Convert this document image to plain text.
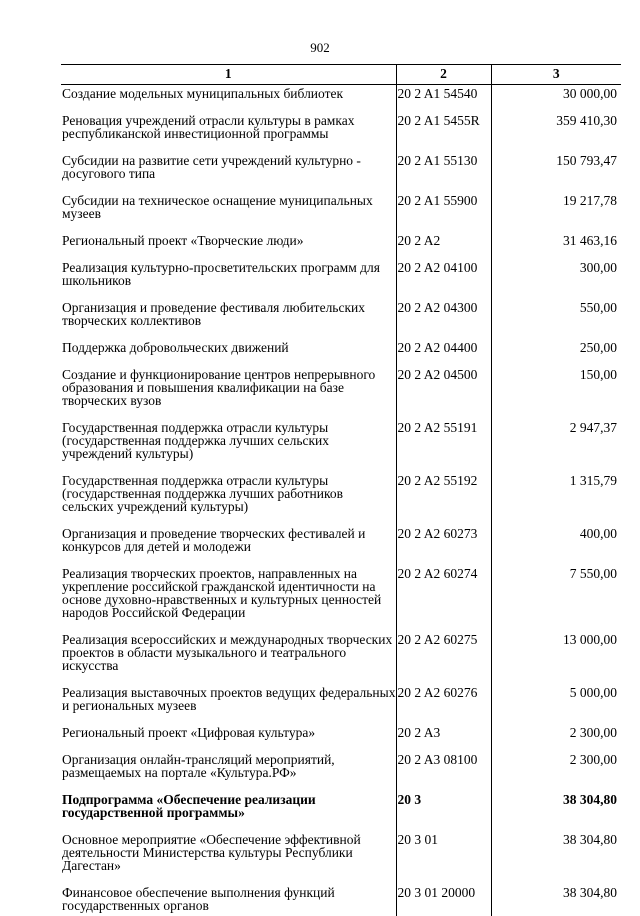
902
1	2	3
Создание модельных муниципальных библиотек	20 2 A1 54540	30 000,00
Реновация учреждений отрасли культуры в рамках республиканской инвестиционной программы	20 2 A1 5455R	359 410,30
Субсидии на развитие сети учреждений культурно - досугового типа	20 2 A1 55130	150 793,47
Субсидии на техническое оснащение муниципальных музеев	20 2 A1 55900	19 217,78
Региональный проект «Творческие люди»	20 2 A2	31 463,16
Реализация культурно-просветительских программ для школьников	20 2 A2 04100	300,00
Организация и проведение фестиваля любительских творческих коллективов	20 2 A2 04300	550,00
Поддержка добровольческих движений	20 2 A2 04400	250,00
Создание и функционирование центров непрерывного образования и повышения квалификации на базе творческих вузов	20 2 A2 04500	150,00
Государственная поддержка отрасли культуры (государственная поддержка лучших сельских учреждений культуры)	20 2 A2 55191	2 947,37
Государственная поддержка отрасли культуры (государственная поддержка лучших работников сельских учреждений культуры)	20 2 A2 55192	1 315,79
Организация и проведение творческих фестивалей и конкурсов для детей и молодежи	20 2 A2 60273	400,00
Реализация творческих проектов, направленных на укрепление российской гражданской идентичности на основе духовно-нравственных и культурных ценностей народов Российской Федерации	20 2 A2 60274	7 550,00
Реализация всероссийских и международных творческих проектов в области музыкального и театрального искусства	20 2 A2 60275	13 000,00
Реализация выставочных проектов ведущих федеральных и региональных музеев	20 2 A2 60276	5 000,00
Региональный проект «Цифровая культура»	20 2 A3	2 300,00
Организация онлайн-трансляций мероприятий, размещаемых на портале «Культура.РФ»	20 2 A3 08100	2 300,00
Подпрограмма «Обеспечение реализации государственной программы»	20 3	38 304,80
Основное мероприятие «Обеспечение эффективной деятельности Министерства культуры Республики Дагестан»	20 3 01	38 304,80
Финансовое обеспечение выполнения функций государственных органов	20 3 01 20000	38 304,80
